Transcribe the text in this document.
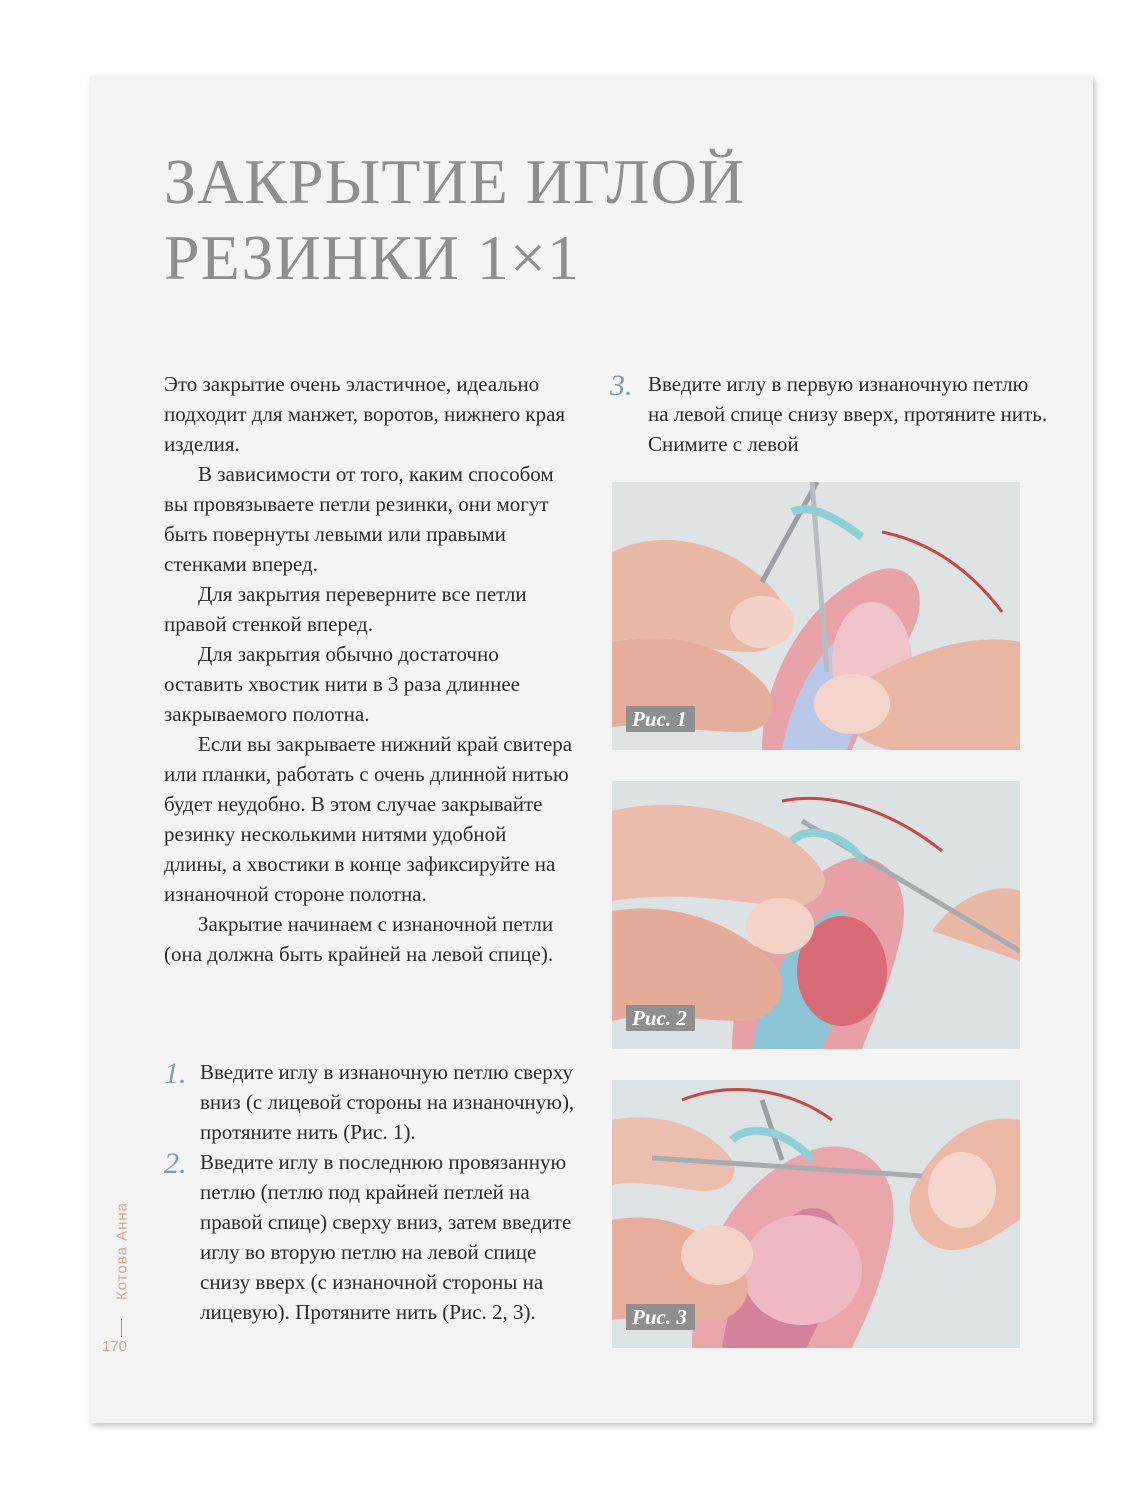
ЗАКРЫТИЕ ИГЛОЙ
РЕЗИНКИ 1×1

Это закрытие очень эластичное, идеально подходит для манжет, воротов, нижнего края изделия.

В зависимости от того, каким способом вы провязываете петли резинки, они могут быть повернуты левыми или правыми стенками вперед.

Для закрытия переверните все петли правой стенкой вперед.

Для закрытия обычно достаточно оставить хвостик нити в 3 раза длиннее закрываемого полотна.

Если вы закрываете нижний край свитера или планки, работать с очень длинной нитью будет неудобно. В этом случае закрывайте резинку несколькими нитями удобной длины, а хвостики в конце зафиксируйте на изнаночной стороне полотна.

Закрытие начинаем с изнаночной петли (она должна быть крайней на левой спице).

1. Введите иглу в изнаночную петлю сверху вниз (с лицевой стороны на изнаночную), протяните нить (Рис. 1).
2. Введите иглу в последнюю провязанную петлю (петлю под крайней петлей на правой спице) сверху вниз, затем введите иглу во вторую петлю на левой спице снизу вверх (с изнаночной стороны на лицевую). Протяните нить (Рис. 2, 3).
3. Введите иглу в первую изнаночную петлю на левой спице снизу вверх, протяните нить. Снимите с левой
Рис. 1
Рис. 2
Рис. 3
Котова Анна
170
